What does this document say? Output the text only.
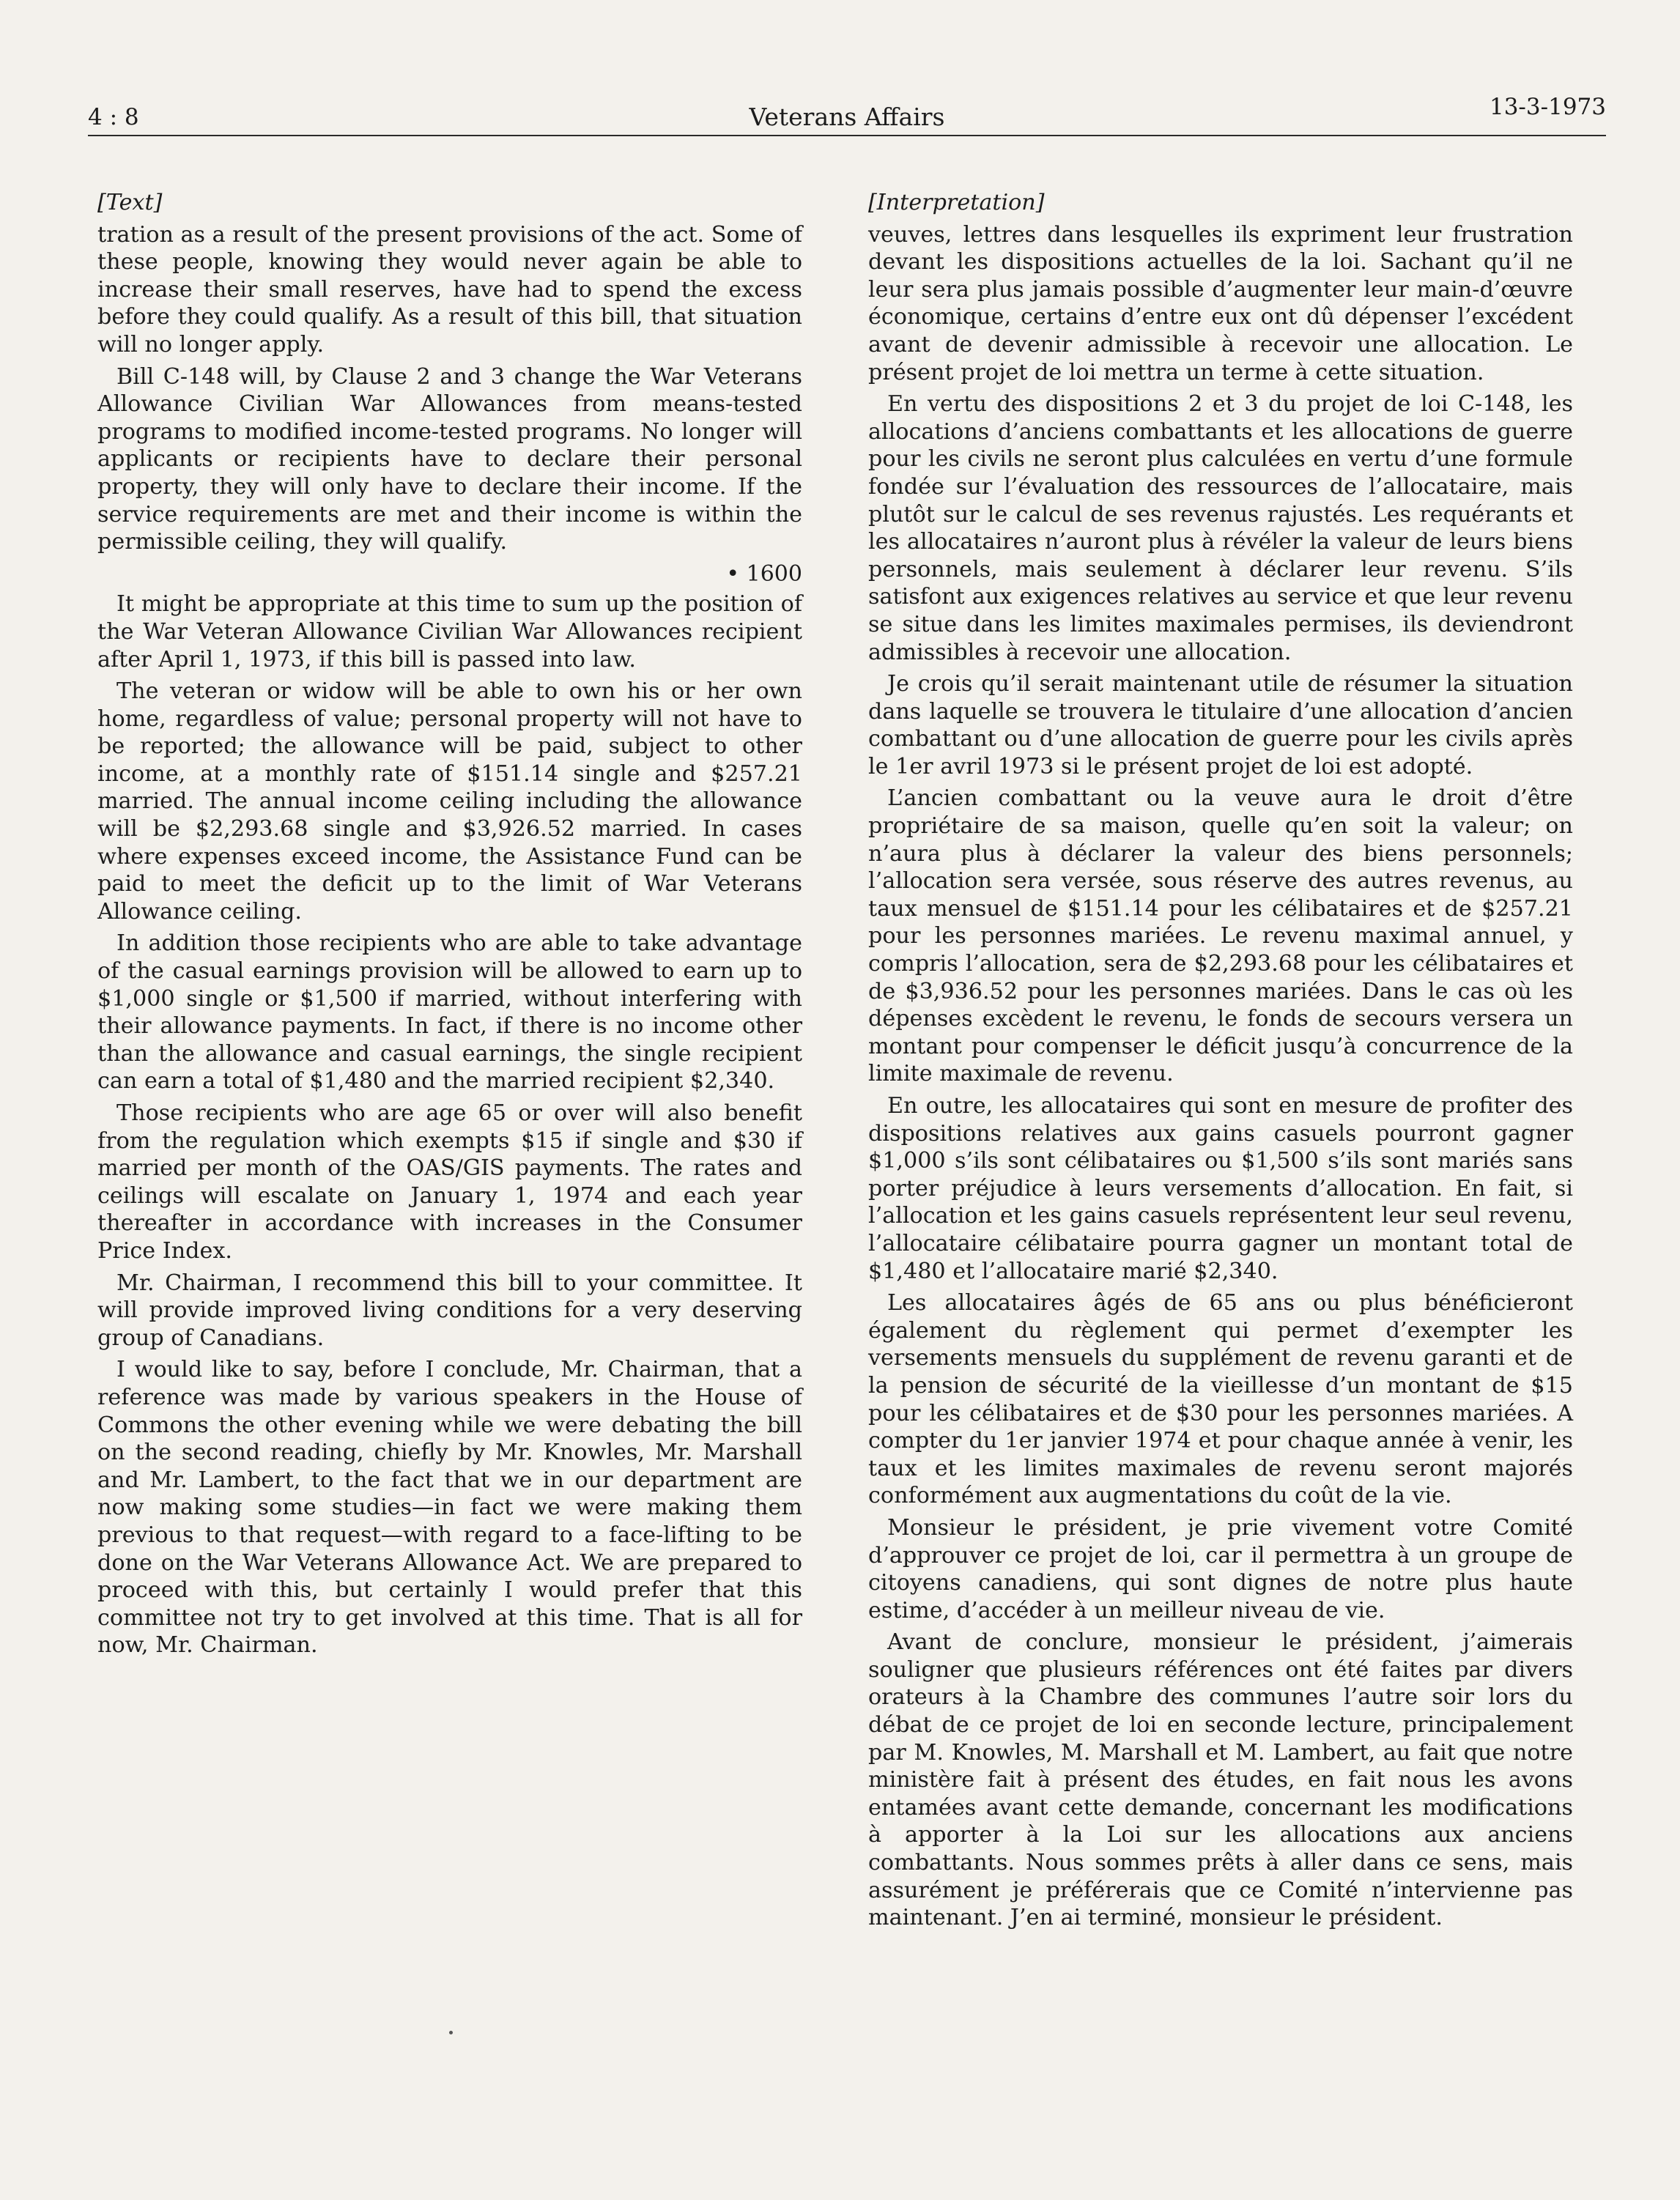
4 : 8	Veterans Affairs	13-3-1973
[Text]

tration as a result of the present provisions of the act. Some of these people, knowing they would never again be able to increase their small reserves, have had to spend the excess before they could qualify. As a result of this bill, that situation will no longer apply.

Bill C-148 will, by Clause 2 and 3 change the War Veterans Allowance Civilian War Allowances from means-tested programs to modified income-tested programs. No longer will applicants or recipients have to declare their personal property, they will only have to declare their income. If the service requirements are met and their income is within the permissible ceiling, they will qualify.

• 1600

It might be appropriate at this time to sum up the position of the War Veteran Allowance Civilian War Allowances recipient after April 1, 1973, if this bill is passed into law.

The veteran or widow will be able to own his or her own home, regardless of value; personal property will not have to be reported; the allowance will be paid, subject to other income, at a monthly rate of $151.14 single and $257.21 married. The annual income ceiling including the allowance will be $2,293.68 single and $3,926.52 married. In cases where expenses exceed income, the Assistance Fund can be paid to meet the deficit up to the limit of War Veterans Allowance ceiling.

In addition those recipients who are able to take advantage of the casual earnings provision will be allowed to earn up to $1,000 single or $1,500 if married, without interfering with their allowance payments. In fact, if there is no income other than the allowance and casual earnings, the single recipient can earn a total of $1,480 and the married recipient $2,340.

Those recipients who are age 65 or over will also benefit from the regulation which exempts $15 if single and $30 if married per month of the OAS/GIS payments. The rates and ceilings will escalate on January 1, 1974 and each year thereafter in accordance with increases in the Consumer Price Index.

Mr. Chairman, I recommend this bill to your committee. It will provide improved living conditions for a very deserving group of Canadians.

I would like to say, before I conclude, Mr. Chairman, that a reference was made by various speakers in the House of Commons the other evening while we were debating the bill on the second reading, chiefly by Mr. Knowles, Mr. Marshall and Mr. Lambert, to the fact that we in our department are now making some studies—in fact we were making them previous to that request—with regard to a face-lifting to be done on the War Veterans Allowance Act. We are prepared to proceed with this, but certainly I would prefer that this committee not try to get involved at this time. That is all for now, Mr. Chairman.

[Interpretation]

veuves, lettres dans lesquelles ils expriment leur frustration devant les dispositions actuelles de la loi. Sachant qu’il ne leur sera plus jamais possible d’augmenter leur main-d’œuvre économique, certains d’entre eux ont dû dépenser l’excédent avant de devenir admissible à recevoir une allocation. Le présent projet de loi mettra un terme à cette situation.

En vertu des dispositions 2 et 3 du projet de loi C-148, les allocations d’anciens combattants et les allocations de guerre pour les civils ne seront plus calculées en vertu d’une formule fondée sur l’évaluation des ressources de l’allocataire, mais plutôt sur le calcul de ses revenus rajustés. Les requérants et les allocataires n’auront plus à révéler la valeur de leurs biens personnels, mais seulement à déclarer leur revenu. S’ils satisfont aux exigences relatives au service et que leur revenu se situe dans les limites maximales permises, ils deviendront admissibles à recevoir une allocation.

Je crois qu’il serait maintenant utile de résumer la situation dans laquelle se trouvera le titulaire d’une allocation d’ancien combattant ou d’une allocation de guerre pour les civils après le 1er avril 1973 si le présent projet de loi est adopté.

L’ancien combattant ou la veuve aura le droit d’être propriétaire de sa maison, quelle qu’en soit la valeur; on n’aura plus à déclarer la valeur des biens personnels; l’allocation sera versée, sous réserve des autres revenus, au taux mensuel de $151.14 pour les célibataires et de $257.21 pour les personnes mariées. Le revenu maximal annuel, y compris l’allocation, sera de $2,293.68 pour les célibataires et de $3,936.52 pour les personnes mariées. Dans le cas où les dépenses excèdent le revenu, le fonds de secours versera un montant pour compenser le déficit jusqu’à concurrence de la limite maximale de revenu.

En outre, les allocataires qui sont en mesure de profiter des dispositions relatives aux gains casuels pourront gagner $1,000 s’ils sont célibataires ou $1,500 s’ils sont mariés sans porter préjudice à leurs versements d’allocation. En fait, si l’allocation et les gains casuels représentent leur seul revenu, l’allocataire célibataire pourra gagner un montant total de $1,480 et l’allocataire marié $2,340.

Les allocataires âgés de 65 ans ou plus bénéficieront également du règlement qui permet d’exempter les versements mensuels du supplément de revenu garanti et de la pension de sécurité de la vieillesse d’un montant de $15 pour les célibataires et de $30 pour les personnes mariées. A compter du 1er janvier 1974 et pour chaque année à venir, les taux et les limites maximales de revenu seront majorés conformément aux augmentations du coût de la vie.

Monsieur le président, je prie vivement votre Comité d’approuver ce projet de loi, car il permettra à un groupe de citoyens canadiens, qui sont dignes de notre plus haute estime, d’accéder à un meilleur niveau de vie.

Avant de conclure, monsieur le président, j’aimerais souligner que plusieurs références ont été faites par divers orateurs à la Chambre des communes l’autre soir lors du débat de ce projet de loi en seconde lecture, principalement par M. Knowles, M. Marshall et M. Lambert, au fait que notre ministère fait à présent des études, en fait nous les avons entamées avant cette demande, concernant les modifications à apporter à la Loi sur les allocations aux anciens combattants. Nous sommes prêts à aller dans ce sens, mais assurément je préférerais que ce Comité n’intervienne pas maintenant. J’en ai terminé, monsieur le président.
